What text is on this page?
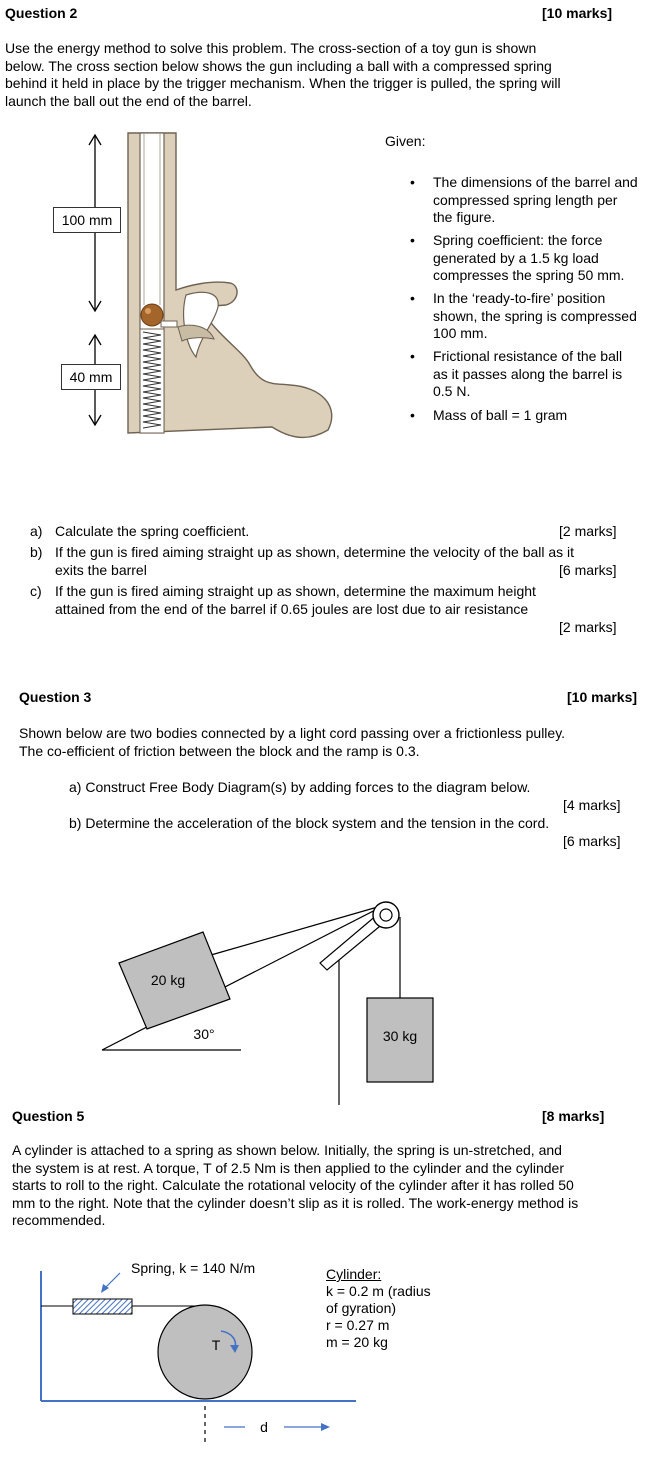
Question 2	[10 marks]
Use the energy method to solve this problem. The cross-section of a toy gun is shown
below. The cross section below shows the gun including a ball with a compressed spring
behind it held in place by the trigger mechanism. When the trigger is pulled, the spring will
launch the ball out the end of the barrel.
100 mm
40 mm
Given:
• The dimensions of the barrel and
compressed spring length per
the figure.
• Spring coefficient: the force
generated by a 1.5 kg load
compresses the spring 50 mm.
• In the ‘ready-to-fire’ position
shown, the spring is compressed
100 mm.
• Frictional resistance of the ball
as it passes along the barrel is
0.5 N.
• Mass of ball = 1 gram
a) Calculate the spring coefficient.	[2 marks]
b) If the gun is fired aiming straight up as shown, determine the velocity of the ball as it
exits the barrel	[6 marks]
c) If the gun is fired aiming straight up as shown, determine the maximum height
attained from the end of the barrel if 0.65 joules are lost due to air resistance
[2 marks]
Question 3	[10 marks]
Shown below are two bodies connected by a light cord passing over a frictionless pulley.
The co-efficient of friction between the block and the ramp is 0.3.
a) Construct Free Body Diagram(s) by adding forces to the diagram below.
[4 marks]
b) Determine the acceleration of the block system and the tension in the cord.
[6 marks]
20 kg
30 kg
30°
Question 5	[8 marks]
A cylinder is attached to a spring as shown below. Initially, the spring is un-stretched, and
the system is at rest. A torque, T of 2.5 Nm is then applied to the cylinder and the cylinder
starts to roll to the right. Calculate the rotational velocity of the cylinder after it has rolled 50
mm to the right. Note that the cylinder doesn’t slip as it is rolled. The work-energy method is
recommended.
T
d
Spring, k = 140 N/m	Cylinder:
k = 0.2 m (radius
of gyration)
r = 0.27 m
m = 20 kg
